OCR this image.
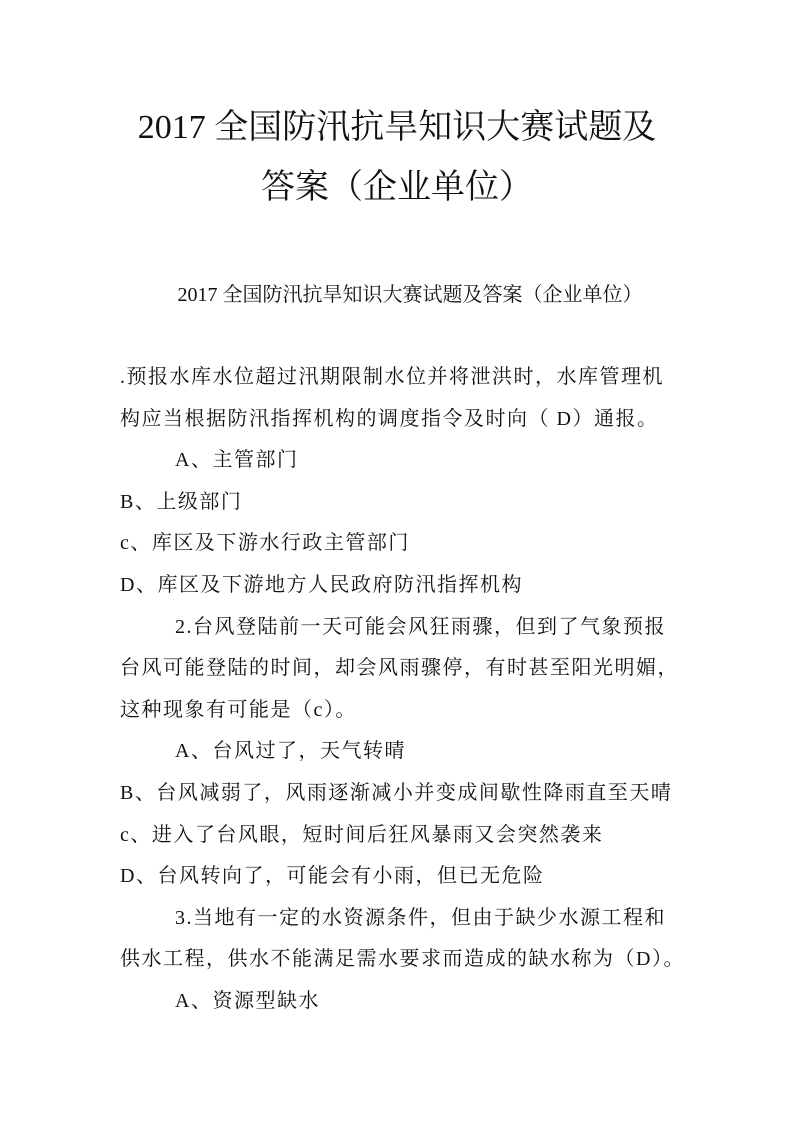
2017 全国防汛抗旱知识大赛试题及
答案（企业单位）
2017 全国防汛抗旱知识大赛试题及答案（企业单位）
.预报水库水位超过汛期限制水位并将泄洪时，水库管理机
构应当根据防汛指挥机构的调度指令及时向（ D）通报。
A、主管部门
B、上级部门
c、库区及下游水行政主管部门
D、库区及下游地方人民政府防汛指挥机构
2.台风登陆前一天可能会风狂雨骤，但到了气象预报
台风可能登陆的时间，却会风雨骤停，有时甚至阳光明媚，
这种现象有可能是（c）。
A、台风过了，天气转晴
B、台风减弱了，风雨逐渐减小并变成间歇性降雨直至天晴
c、进入了台风眼，短时间后狂风暴雨又会突然袭来
D、台风转向了，可能会有小雨，但已无危险
3.当地有一定的水资源条件，但由于缺少水源工程和
供水工程，供水不能满足需水要求而造成的缺水称为（D）。
A、资源型缺水
